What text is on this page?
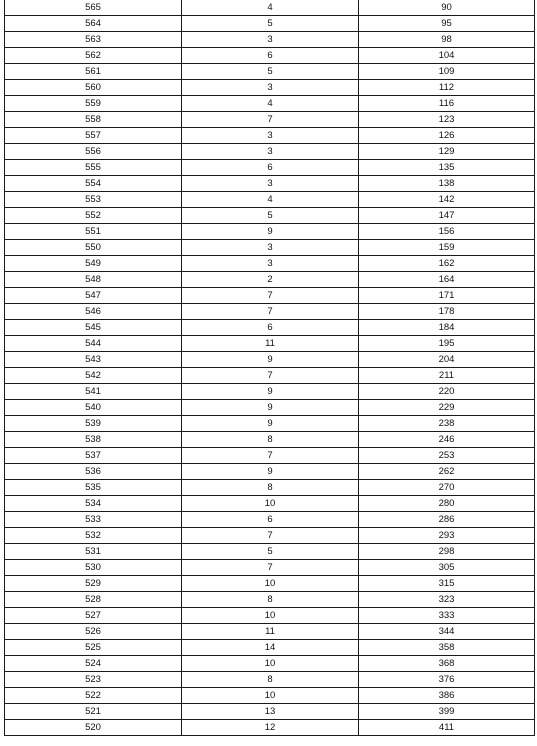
565	4	90
564	5	95
563	3	98
562	6	104
561	5	109
560	3	112
559	4	116
558	7	123
557	3	126
556	3	129
555	6	135
554	3	138
553	4	142
552	5	147
551	9	156
550	3	159
549	3	162
548	2	164
547	7	171
546	7	178
545	6	184
544	11	195
543	9	204
542	7	211
541	9	220
540	9	229
539	9	238
538	8	246
537	7	253
536	9	262
535	8	270
534	10	280
533	6	286
532	7	293
531	5	298
530	7	305
529	10	315
528	8	323
527	10	333
526	11	344
525	14	358
524	10	368
523	8	376
522	10	386
521	13	399
520	12	411
